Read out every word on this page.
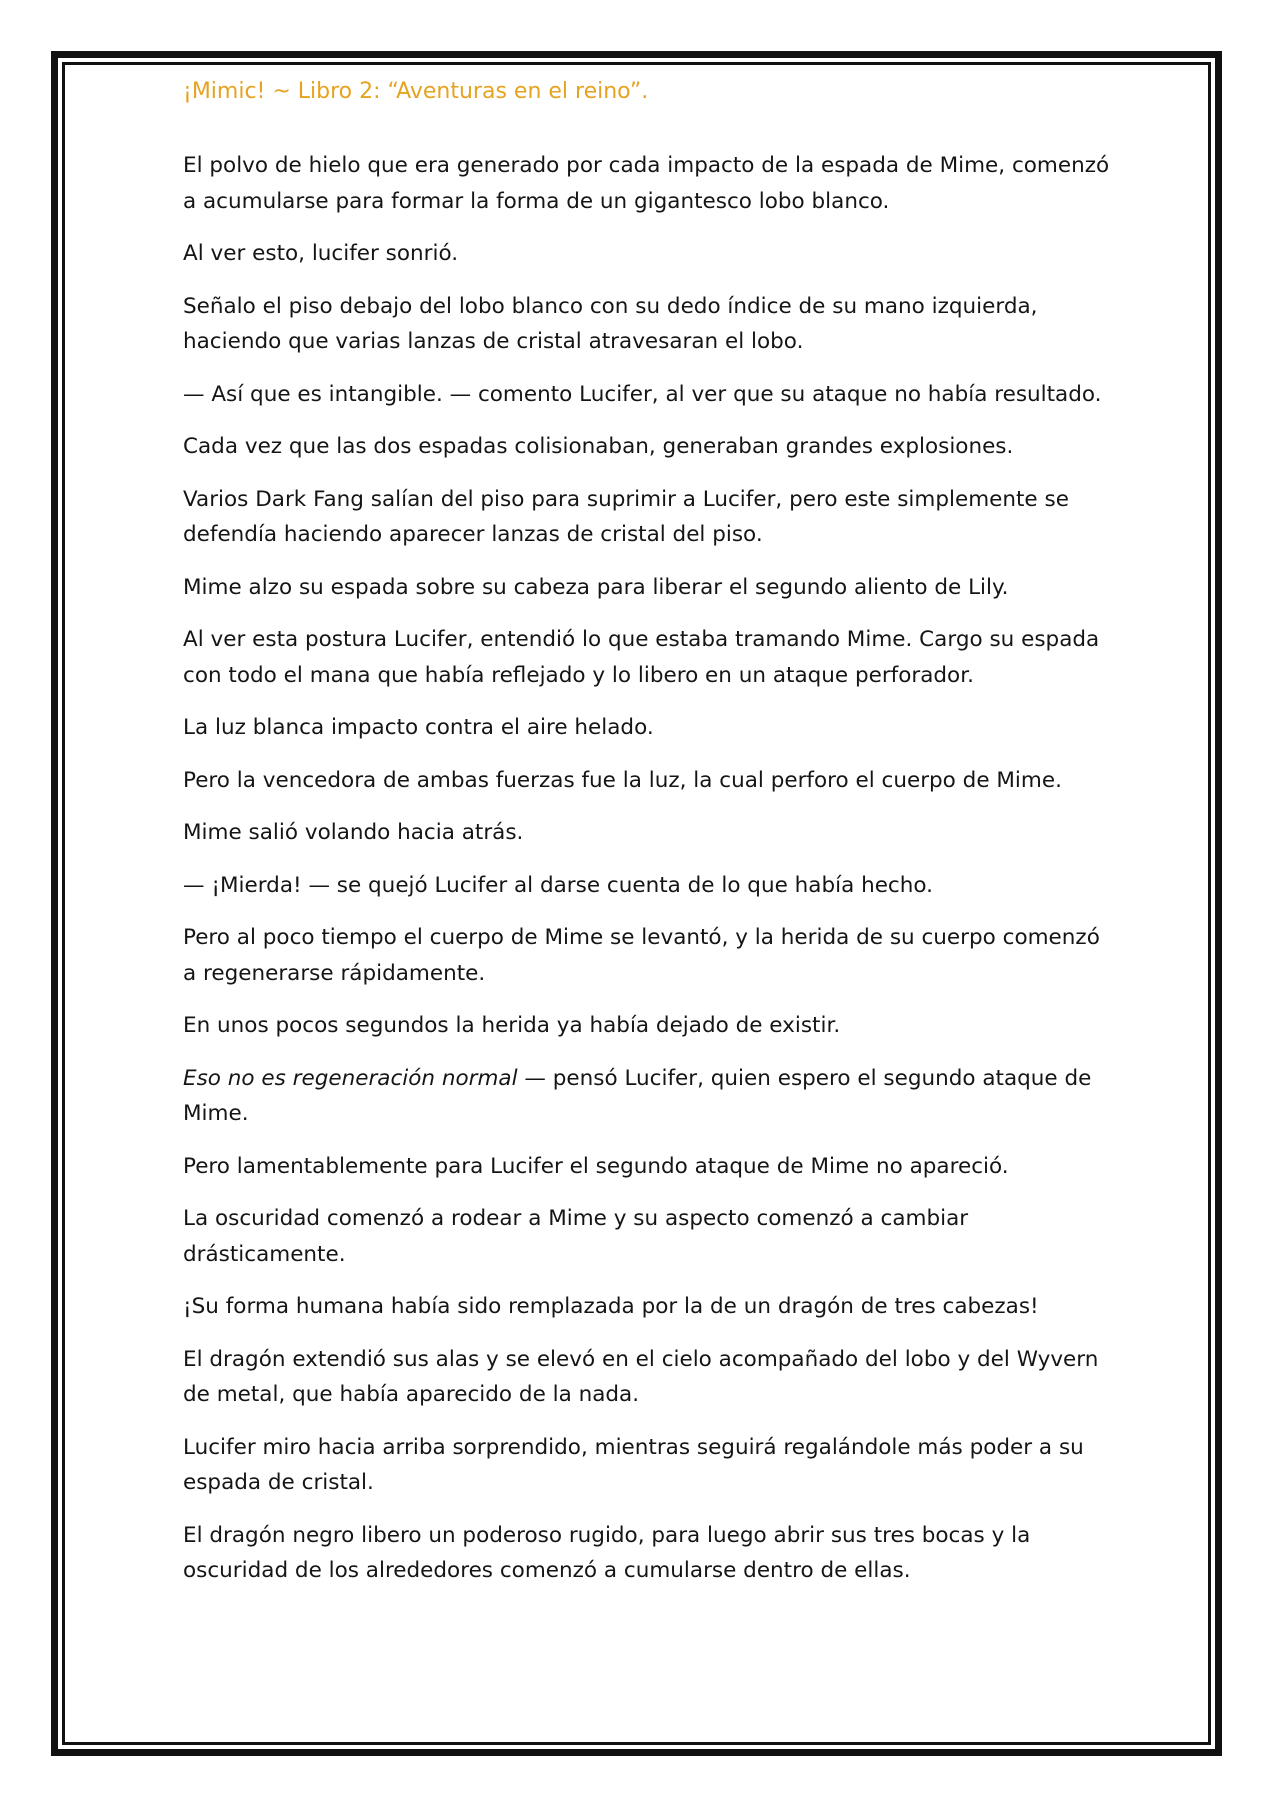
¡Mimic! ~ Libro 2: “Aventuras en el reino”.

El polvo de hielo que era generado por cada impacto de la espada de Mime, comenzó a acumularse para formar la forma de un gigantesco lobo blanco.

Al ver esto, lucifer sonrió.

Señalo el piso debajo del lobo blanco con su dedo índice de su mano izquierda, haciendo que varias lanzas de cristal atravesaran el lobo.

— Así que es intangible. — comento Lucifer, al ver que su ataque no había resultado.

Cada vez que las dos espadas colisionaban, generaban grandes explosiones.

Varios Dark Fang salían del piso para suprimir a Lucifer, pero este simplemente se defendía haciendo aparecer lanzas de cristal del piso.

Mime alzo su espada sobre su cabeza para liberar el segundo aliento de Lily.

Al ver esta postura Lucifer, entendió lo que estaba tramando Mime. Cargo su espada con todo el mana que había reflejado y lo libero en un ataque perforador.

La luz blanca impacto contra el aire helado.

Pero la vencedora de ambas fuerzas fue la luz, la cual perforo el cuerpo de Mime.

Mime salió volando hacia atrás.

— ¡Mierda! — se quejó Lucifer al darse cuenta de lo que había hecho.

Pero al poco tiempo el cuerpo de Mime se levantó, y la herida de su cuerpo comenzó a regenerarse rápidamente.

En unos pocos segundos la herida ya había dejado de existir.

Eso no es regeneración normal — pensó Lucifer, quien espero el segundo ataque de Mime.

Pero lamentablemente para Lucifer el segundo ataque de Mime no apareció.

La oscuridad comenzó a rodear a Mime y su aspecto comenzó a cambiar drásticamente.

¡Su forma humana había sido remplazada por la de un dragón de tres cabezas!

El dragón extendió sus alas y se elevó en el cielo acompañado del lobo y del Wyvern de metal, que había aparecido de la nada.

Lucifer miro hacia arriba sorprendido, mientras seguirá regalándole más poder a su espada de cristal.

El dragón negro libero un poderoso rugido, para luego abrir sus tres bocas y la oscuridad de los alrededores comenzó a cumularse dentro de ellas.
